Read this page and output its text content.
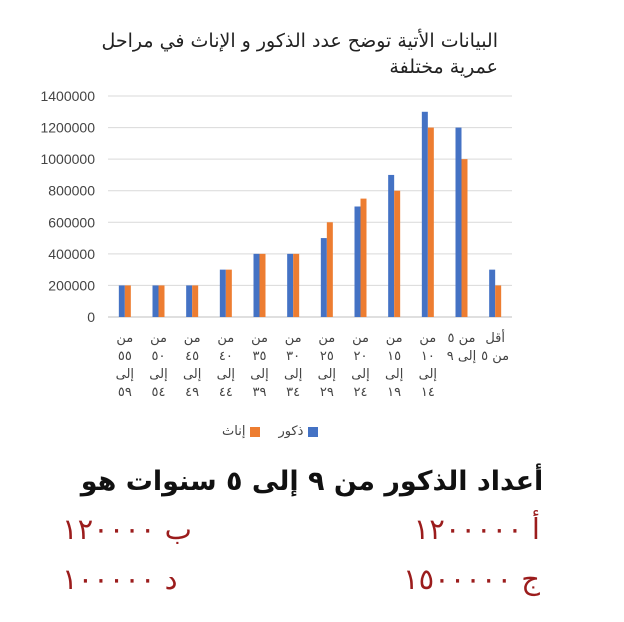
0
200000
400000
600000
800000
1000000
1200000
1400000
البيانات الأتية توضح عدد الذكور و الإناث في مراحل
عمرية مختلفة
من
٥٥
إلى
٥٩
من
٥٠
إلى
٥٤
من
٤٥
إلى
٤٩
من
٤٠
إلى
٤٤
من
٣٥
إلى
٣٩
من
٣٠
إلى
٣٤
من
٢٥
إلى
٢٩
من
٢٠
إلى
٢٤
من
١٥
إلى
١٩
من
١٠
إلى
١٤
من ٥
إلى ٩
أقل
من ٥
ذكور
إناث
أعداد الذكور من ٩ إلى ٥ سنوات هو
أ ١٢٠٠٠٠٠
ب ١٢٠٠٠٠
ج ١٥٠٠٠٠٠
د ١٠٠٠٠٠
